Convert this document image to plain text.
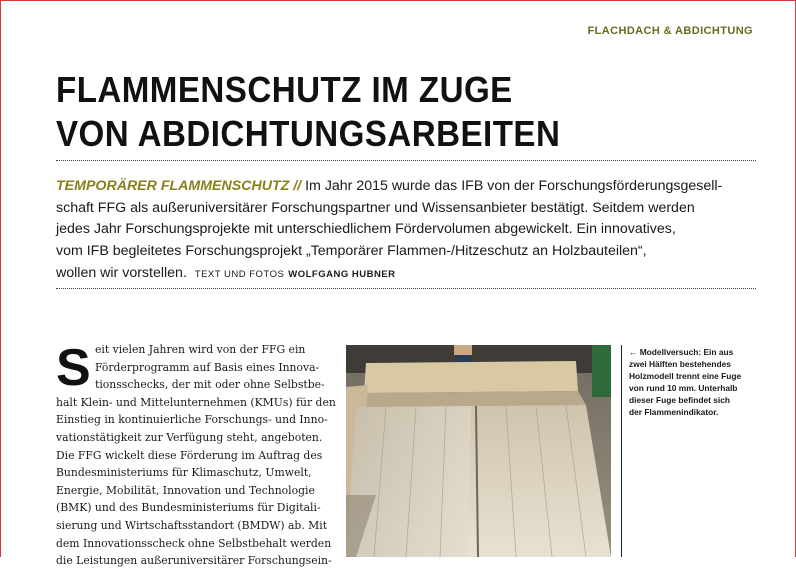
FLACHDACH & ABDICHTUNG
FLAMMENSCHUTZ IM ZUGE
VON ABDICHTUNGSARBEITEN
TEMPORÄRER FLAMMENSCHUTZ // Im Jahr 2015 wurde das IFB von der Forschungsförderungsgesell-
schaft FFG als außeruniversitärer Forschungspartner und Wissensanbieter bestätigt. Seitdem werden
jedes Jahr Forschungsprojekte mit unterschiedlichem Fördervolumen abgewickelt. Ein innovatives,
vom IFB begleitetes Forschungsprojekt „Temporärer Flammen-/Hitzeschutz an Holzbauteilen“,
wollen wir vorstellen. TEXT UND FOTOS WOLFGANG HUBNER
S eit vielen Jahren wird von der FFG ein
Förderprogramm auf Basis eines Innova-
tionsschecks, der mit oder ohne Selbstbe-
halt Klein- und Mittelunternehmen (KMUs) für den
Einstieg in kontinuierliche Forschungs- und Inno-
vationstätigkeit zur Verfügung steht, angeboten.
Die FFG wickelt diese Förderung im Auftrag des
Bundesministeriums für Klimaschutz, Umwelt,
Energie, Mobilität, Innovation und Technologie
(BMK) und des Bundesministeriums für Digitali-
sierung und Wirtschaftsstandort (BMDW) ab. Mit
dem Innovationsscheck ohne Selbstbehalt werden
die Leistungen außeruniversitärer Forschungsein-
← Modellversuch: Ein aus
zwei Hälften bestehendes
Holzmodell trennt eine Fuge
von rund 10 mm. Unterhalb
dieser Fuge befindet sich
der Flammenindikator.
